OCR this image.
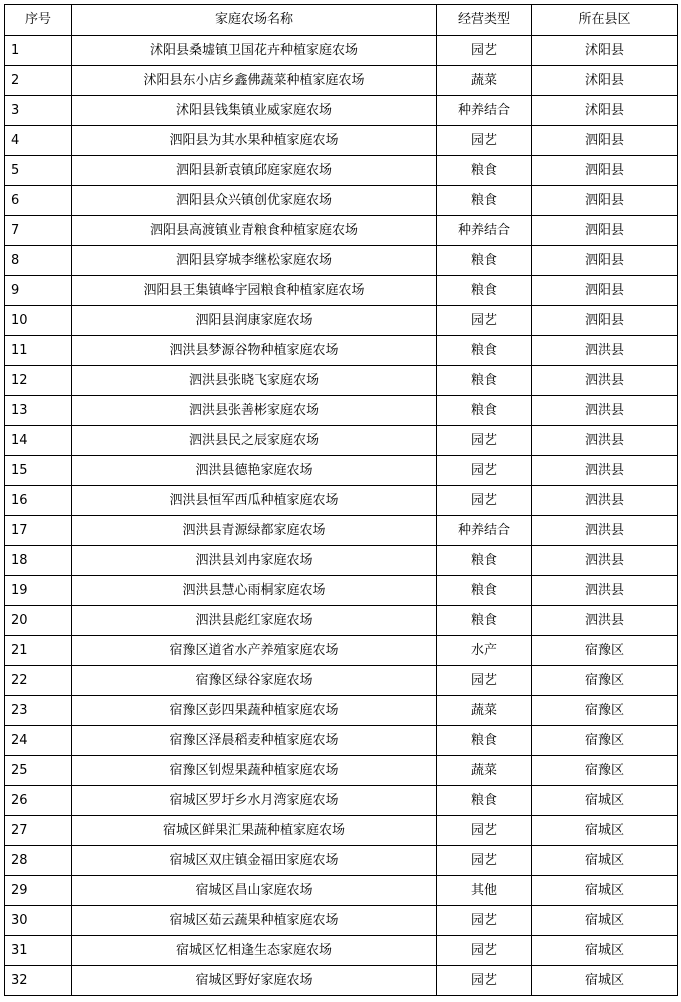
序号	家庭农场名称	经营类型	所在县区
1	沭阳县桑墟镇卫国花卉种植家庭农场	园艺	沭阳县
2	沭阳县东小店乡鑫佛蔬菜种植家庭农场	蔬菜	沭阳县
3	沭阳县钱集镇业威家庭农场	种养结合	沭阳县
4	泗阳县为其水果种植家庭农场	园艺	泗阳县
5	泗阳县新袁镇邱庭家庭农场	粮食	泗阳县
6	泗阳县众兴镇创优家庭农场	粮食	泗阳县
7	泗阳县高渡镇业青粮食种植家庭农场	种养结合	泗阳县
8	泗阳县穿城李继松家庭农场	粮食	泗阳县
9	泗阳县王集镇峰宇园粮食种植家庭农场	粮食	泗阳县
10	泗阳县润康家庭农场	园艺	泗阳县
11	泗洪县梦源谷物种植家庭农场	粮食	泗洪县
12	泗洪县张晓飞家庭农场	粮食	泗洪县
13	泗洪县张善彬家庭农场	粮食	泗洪县
14	泗洪县民之辰家庭农场	园艺	泗洪县
15	泗洪县德艳家庭农场	园艺	泗洪县
16	泗洪县恒军西瓜种植家庭农场	园艺	泗洪县
17	泗洪县青源绿都家庭农场	种养结合	泗洪县
18	泗洪县刘冉家庭农场	粮食	泗洪县
19	泗洪县慧心雨桐家庭农场	粮食	泗洪县
20	泗洪县彪红家庭农场	粮食	泗洪县
21	宿豫区道省水产养殖家庭农场	水产	宿豫区
22	宿豫区绿谷家庭农场	园艺	宿豫区
23	宿豫区彭四果蔬种植家庭农场	蔬菜	宿豫区
24	宿豫区泽晨稻麦种植家庭农场	粮食	宿豫区
25	宿豫区钊煜果蔬种植家庭农场	蔬菜	宿豫区
26	宿城区罗圩乡水月湾家庭农场	粮食	宿城区
27	宿城区鲜果汇果蔬种植家庭农场	园艺	宿城区
28	宿城区双庄镇金福田家庭农场	园艺	宿城区
29	宿城区昌山家庭农场	其他	宿城区
30	宿城区茹云蔬果种植家庭农场	园艺	宿城区
31	宿城区忆相逢生态家庭农场	园艺	宿城区
32	宿城区野好家庭农场	园艺	宿城区
